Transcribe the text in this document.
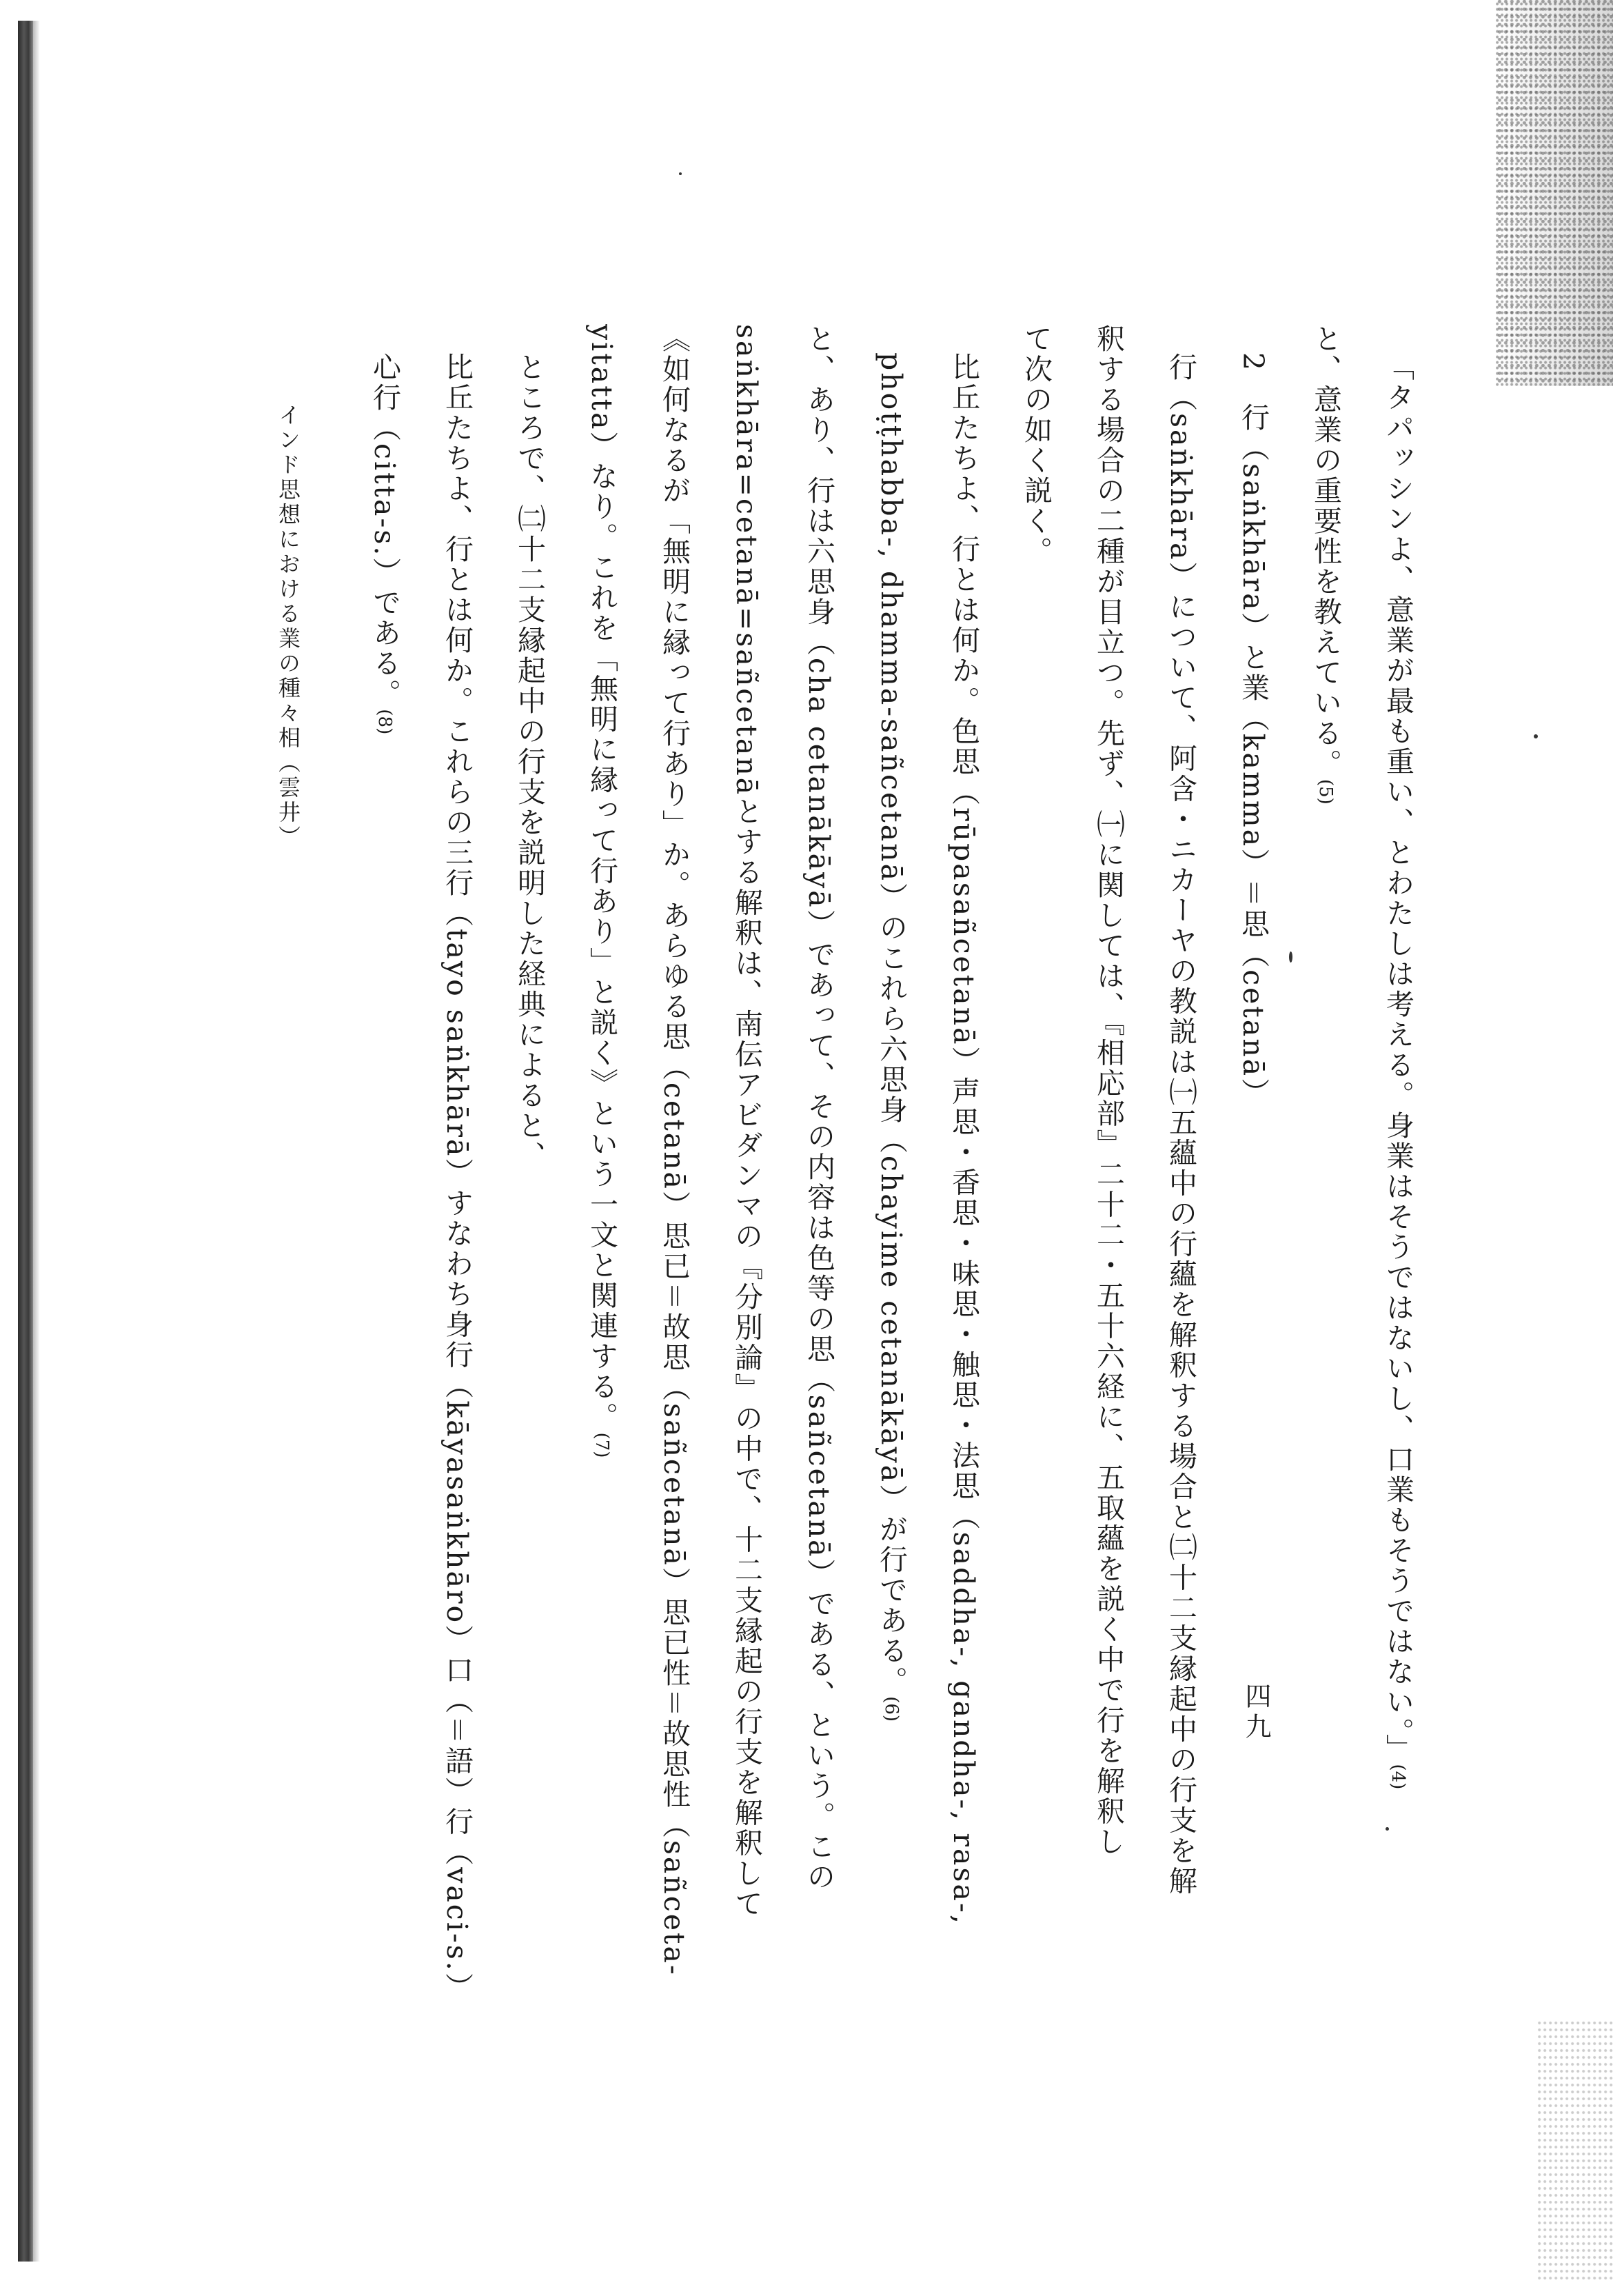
「タパッシンよ、意業が最も重い、とわたしは考える。身業はそうではないし、口業もそうではない。」(4)
と、意業の重要性を教えている。(5)
2　行（saṅkhāra）と業（kamma）＝思（cetanā）
行（saṅkhāra）について、阿含・ニカーヤの教説は㈠五蘊中の行蘊を解釈する場合と㈡十二支縁起中の行支を解
釈する場合の二種が目立つ。先ず、㈠に関しては、『相応部』二十二・五十六経に、五取蘊を説く中で行を解釈し
て次の如く説く。
比丘たちよ、行とは何か。色思（rūpasañcetanā）声思・香思・味思・触思・法思（saddha-, gandha-, rasa-,
phoṭṭhabba-, dhamma-sañcetanā）のこれら六思身（chayime cetanākāyā）が行である。(6)
と、あり、行は六思身（cha cetanākāyā）であって、その内容は色等の思（sañcetanā）である、という。この
saṅkhāra=cetanā=sañcetanāとする解釈は、南伝アビダンマの『分別論』の中で、十二支縁起の行支を解釈して
《如何なるが「無明に縁って行あり」か。あらゆる思（cetanā）思已＝故思（sañcetanā）思已性＝故思性（sañceta-
yitatta）なり。これを「無明に縁って行あり」と説く》という一文と関連する。(7)
ところで、㈡十二支縁起中の行支を説明した経典によると、
比丘たちよ、行とは何か。これらの三行（tayo saṅkhārā）すなわち身行（kāyasaṅkhāro）口（＝語）行（vaci-s.）
心行（citta-s.）である。(8)
インド思想における業の種々相（雲井）
四九
